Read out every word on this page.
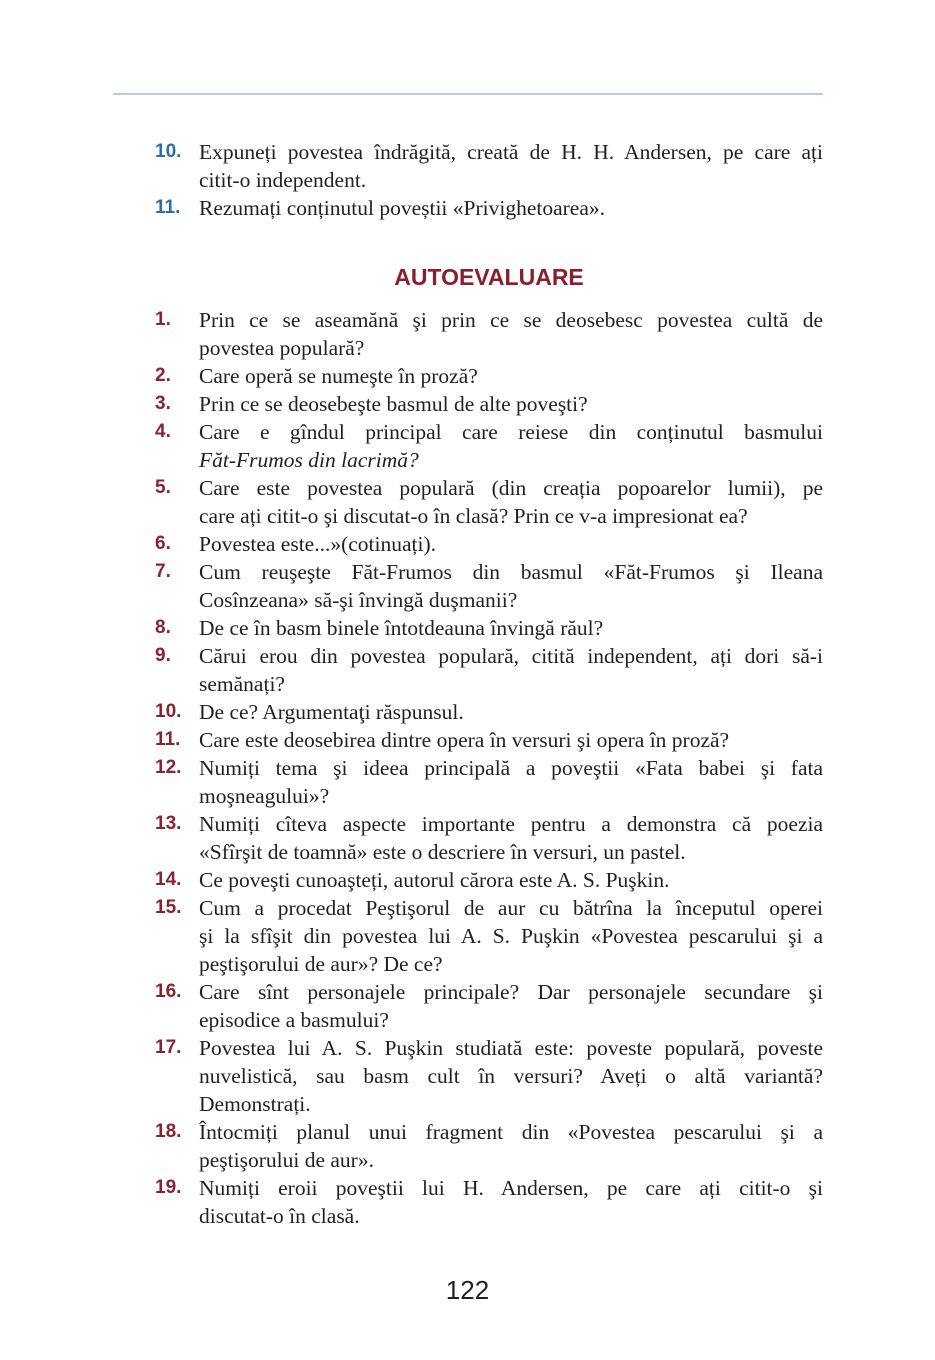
10. Expuneți povestea îndrăgită, creată de H. H. Andersen, pe care ați
citit-o independent.
11. Rezumați conținutul poveștii «Privighetoarea».
AUTOEVALUARE
1. Prin ce se aseamănă şi prin ce se deosebesc povestea cultă de
povestea populară?
2. Care operă se numeşte în proză?
3. Prin ce se deosebeşte basmul de alte poveşti?
4. Care e gîndul principal care reiese din conținutul basmului
Făt-Frumos din lacrimă?
5. Care este povestea populară (din creația popoarelor lumii), pe
care ați citit-o şi discutat-o în clasă? Prin ce v-a impresionat ea?
6. Povestea este...»(cotinuați).
7. Cum reuşeşte Făt-Frumos din basmul «Făt-Frumos şi Ileana
Cosînzeana» să-şi învingă duşmanii?
8. De ce în basm binele întotdeauna învingă răul?
9. Cărui erou din povestea populară, citită independent, ați dori să-i
semănați?
10. De ce? Argumentaţi răspunsul.
11. Care este deosebirea dintre opera în versuri şi opera în proză?
12. Numiți tema şi ideea principală a poveştii «Fata babei şi fata
moşneagului»?
13. Numiți cîteva aspecte importante pentru a demonstra că poezia
«Sfîrşit de toamnă» este o descriere în versuri, un pastel.
14. Ce poveşti cunoaşteți, autorul cărora este A. S. Puşkin.
15. Cum a procedat Peştişorul de aur cu bătrîna la începutul operei
şi la sfîşit din povestea lui A. S. Puşkin «Povestea pescarului şi a
peştişorului de aur»? De ce?
16. Care sînt personajele principale? Dar personajele secundare şi
episodice a basmului?
17. Povestea lui A. S. Puşkin studiată este: poveste populară, poveste
nuvelistică, sau basm cult în versuri? Aveți o altă variantă?
Demonstrați.
18. Întocmiți planul unui fragment din «Povestea pescarului şi a
peştişorului de aur».
19. Numiți eroii poveştii lui H. Andersen, pe care ați citit-o şi
discutat-o în clasă.
122
